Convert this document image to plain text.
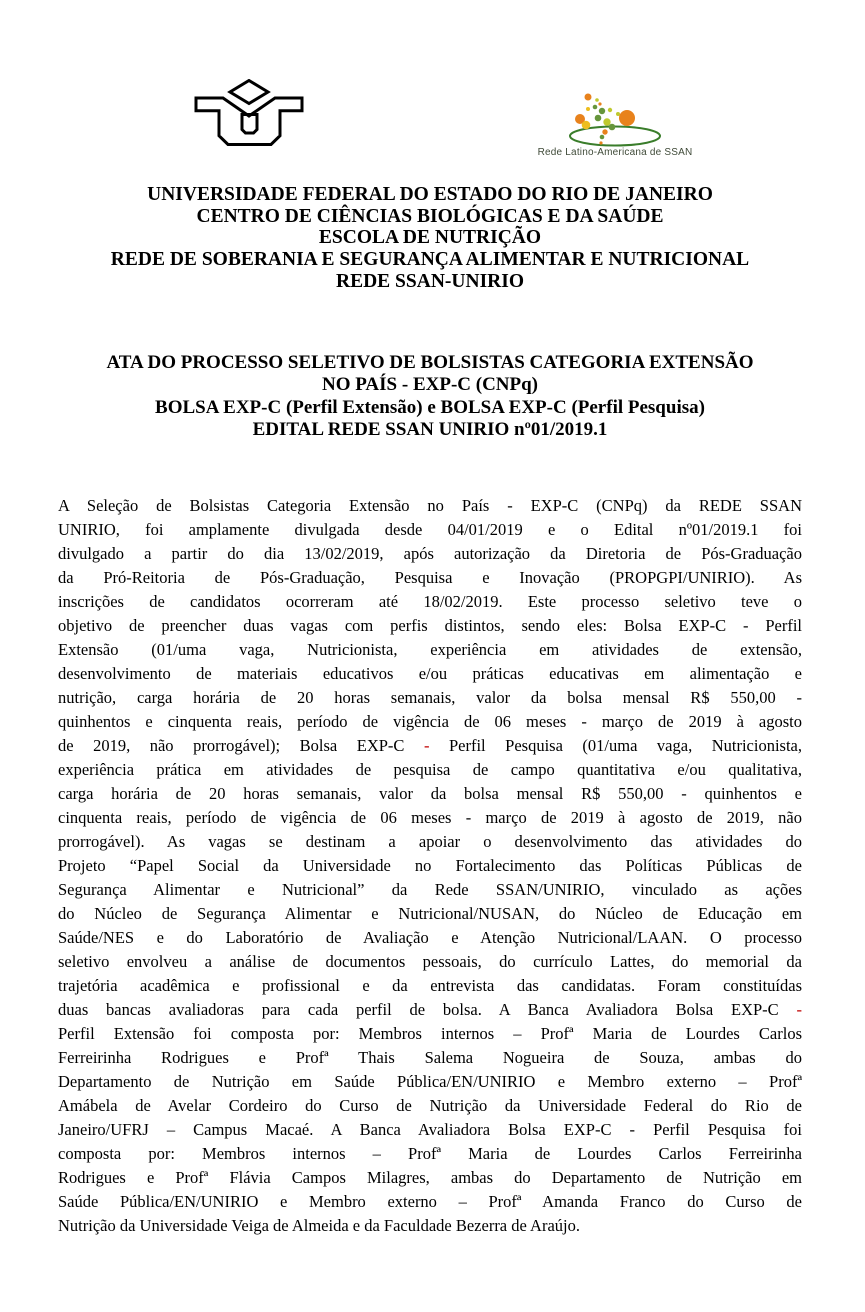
Rede Latino-Americana de SSAN
UNIVERSIDADE FEDERAL DO ESTADO DO RIO DE JANEIRO
CENTRO DE CIÊNCIAS BIOLÓGICAS E DA SAÚDE
ESCOLA DE NUTRIÇÃO
REDE DE SOBERANIA E SEGURANÇA ALIMENTAR E NUTRICIONAL
REDE SSAN-UNIRIO
ATA DO PROCESSO SELETIVO DE BOLSISTAS CATEGORIA EXTENSÃO
NO PAÍS - EXP-C (CNPq)
BOLSA EXP-C (Perfil Extensão) e BOLSA EXP-C (Perfil Pesquisa)
EDITAL REDE SSAN UNIRIO nº01/2019.1
A Seleção de Bolsistas Categoria Extensão no País - EXP-C (CNPq) da REDE SSAN
UNIRIO, foi amplamente divulgada desde 04/01/2019 e o Edital nº01/2019.1 foi
divulgado a partir do dia 13/02/2019, após autorização da Diretoria de Pós-Graduação
da Pró-Reitoria de Pós-Graduação, Pesquisa e Inovação (PROPGPI/UNIRIO). As
inscrições de candidatos ocorreram até 18/02/2019. Este processo seletivo teve o
objetivo de preencher duas vagas com perfis distintos, sendo eles: Bolsa EXP-C - Perfil
Extensão (01/uma vaga, Nutricionista, experiência em atividades de extensão,
desenvolvimento de materiais educativos e/ou práticas educativas em alimentação e
nutrição, carga horária de 20 horas semanais, valor da bolsa mensal R$ 550,00 -
quinhentos e cinquenta reais, período de vigência de 06 meses - março de 2019 à agosto
de 2019, não prorrogável); Bolsa EXP-C - Perfil Pesquisa (01/uma vaga, Nutricionista,
experiência prática em atividades de pesquisa de campo quantitativa e/ou qualitativa,
carga horária de 20 horas semanais, valor da bolsa mensal R$ 550,00 - quinhentos e
cinquenta reais, período de vigência de 06 meses - março de 2019 à agosto de 2019, não
prorrogável). As vagas se destinam a apoiar o desenvolvimento das atividades do
Projeto “Papel Social da Universidade no Fortalecimento das Políticas Públicas de
Segurança Alimentar e Nutricional” da Rede SSAN/UNIRIO, vinculado as ações
do Núcleo de Segurança Alimentar e Nutricional/NUSAN, do Núcleo de Educação em
Saúde/NES e do Laboratório de Avaliação e Atenção Nutricional/LAAN. O processo
seletivo envolveu a análise de documentos pessoais, do currículo Lattes, do memorial da
trajetória acadêmica e profissional e da entrevista das candidatas. Foram constituídas
duas bancas avaliadoras para cada perfil de bolsa. A Banca Avaliadora Bolsa EXP-C -
Perfil Extensão foi composta por: Membros internos – Profª Maria de Lourdes Carlos
Ferreirinha Rodrigues e Profª Thais Salema Nogueira de Souza, ambas do
Departamento de Nutrição em Saúde Pública/EN/UNIRIO e Membro externo – Profª
Amábela de Avelar Cordeiro do Curso de Nutrição da Universidade Federal do Rio de
Janeiro/UFRJ – Campus Macaé. A Banca Avaliadora Bolsa EXP-C - Perfil Pesquisa foi
composta por: Membros internos – Profª Maria de Lourdes Carlos Ferreirinha
Rodrigues e Profª Flávia Campos Milagres, ambas do Departamento de Nutrição em
Saúde Pública/EN/UNIRIO e Membro externo – Profª Amanda Franco do Curso de
Nutrição da Universidade Veiga de Almeida e da Faculdade Bezerra de Araújo.
